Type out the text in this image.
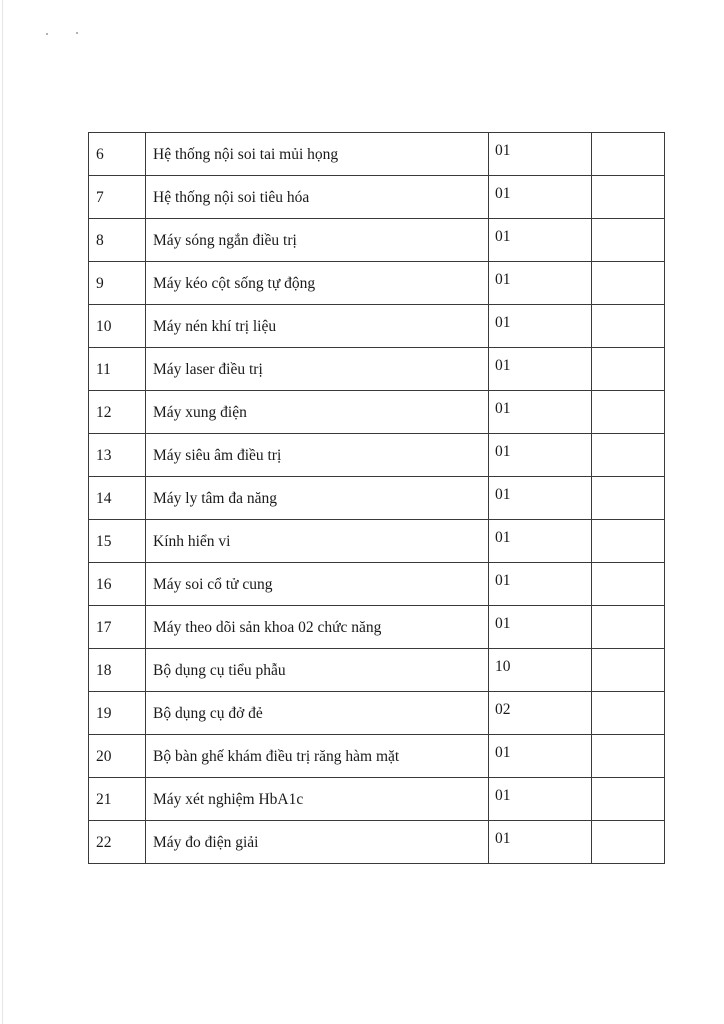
6	Hệ thống nội soi tai mủi họng	01	

7	Hệ thống nội soi tiêu hóa	01	

8	Máy sóng ngắn điều trị	01	

9	Máy kéo cột sống tự động	01	

10	Máy nén khí trị liệu	01	

11	Máy laser điều trị	01	

12	Máy xung điện	01	

13	Máy siêu âm điều trị	01	

14	Máy ly tâm đa năng	01	

15	Kính hiển vi	01	

16	Máy soi cổ tử cung	01	

17	Máy theo dõi sản khoa 02 chức năng	01	

18	Bộ dụng cụ tiểu phẫu	10	

19	Bộ dụng cụ đở đẻ	02	

20	Bộ bàn ghế khám điều trị răng hàm mặt	01	

21	Máy xét nghiệm HbA1c	01	

22	Máy đo điện giải	01	
